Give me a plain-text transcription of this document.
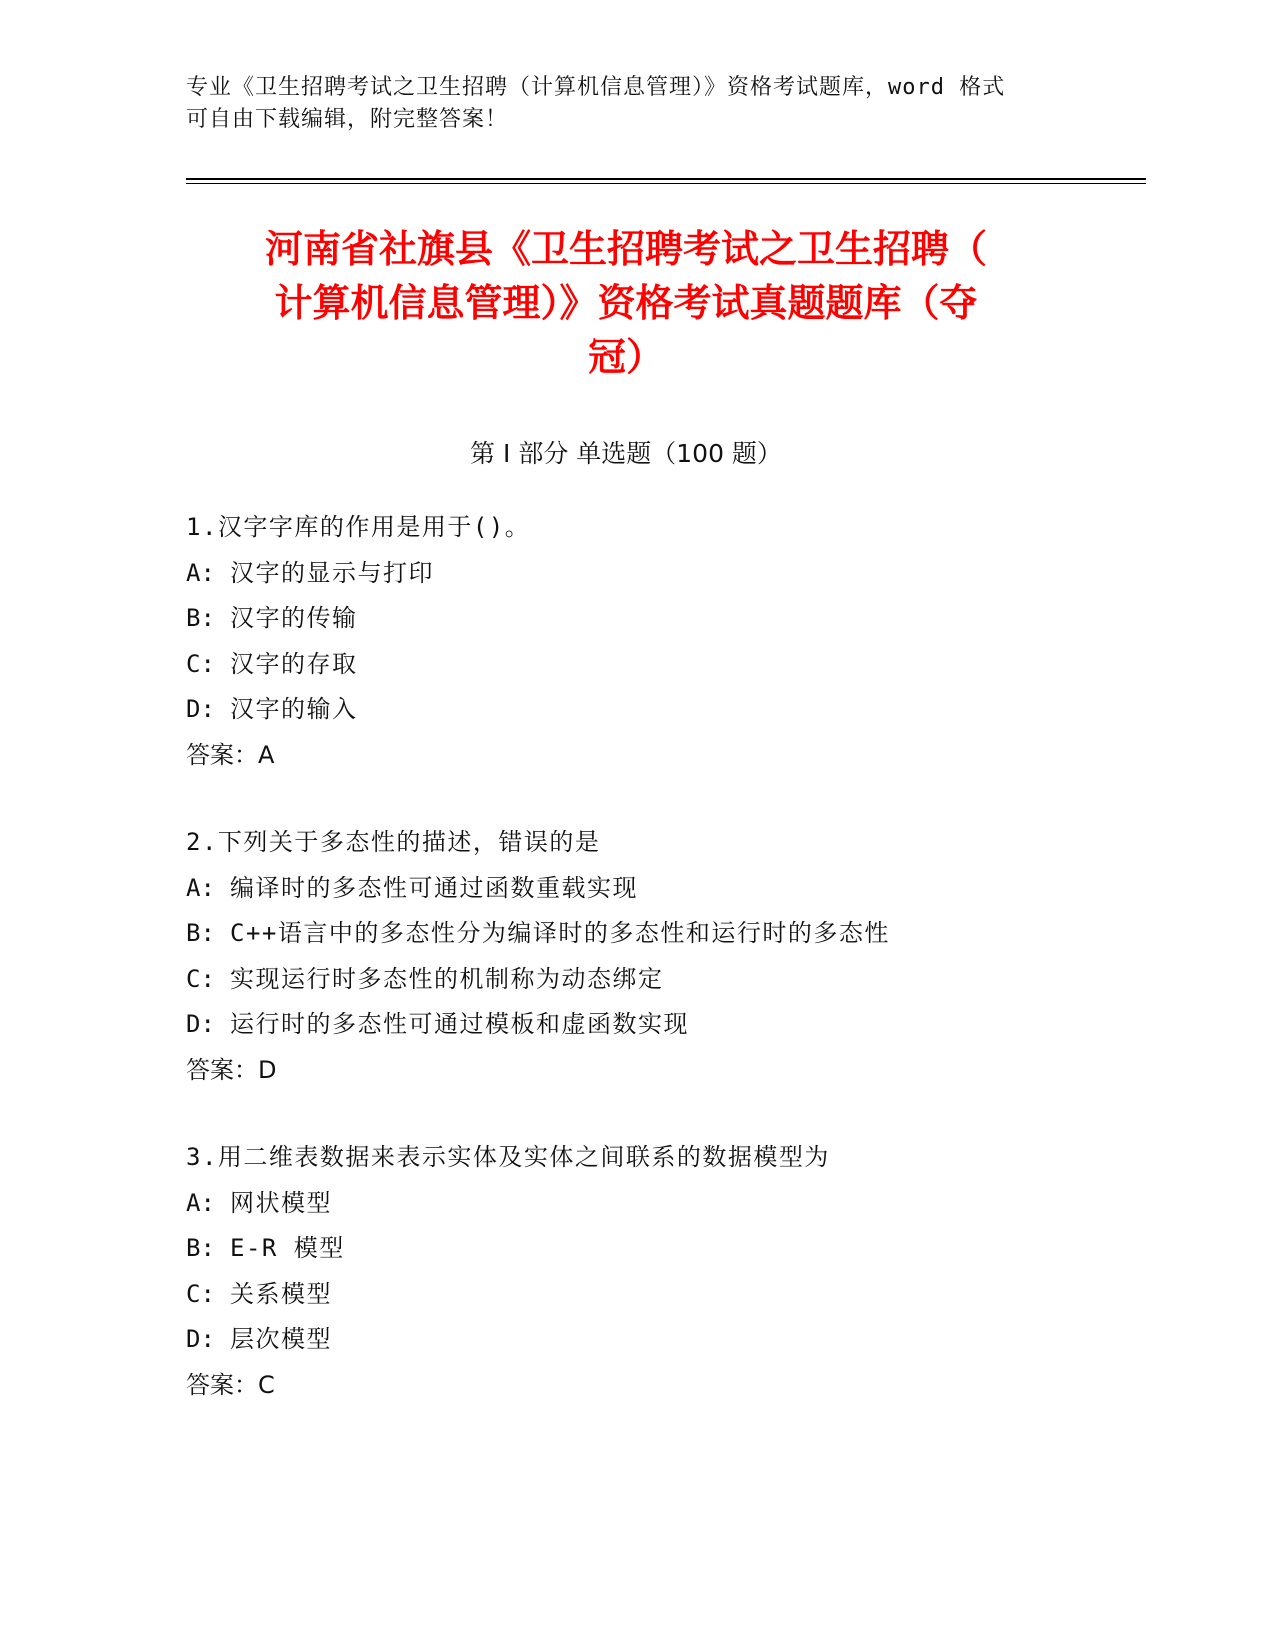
专业《卫生招聘考试之卫生招聘（计算机信息管理）》资格考试题库，word 格式
可自由下载编辑，附完整答案！
河南省社旗县《卫生招聘考试之卫生招聘（
计算机信息管理）》资格考试真题题库（夺
冠）
第 I 部分 单选题（100 题）
1.汉字字库的作用是用于()。
A: 汉字的显示与打印
B: 汉字的传输
C: 汉字的存取
D: 汉字的输入
答案：A
2.下列关于多态性的描述，错误的是
A: 编译时的多态性可通过函数重载实现
B: C++语言中的多态性分为编译时的多态性和运行时的多态性
C: 实现运行时多态性的机制称为动态绑定
D: 运行时的多态性可通过模板和虚函数实现
答案：D
3.用二维表数据来表示实体及实体之间联系的数据模型为
A: 网状模型
B: E-R 模型
C: 关系模型
D: 层次模型
答案：C
